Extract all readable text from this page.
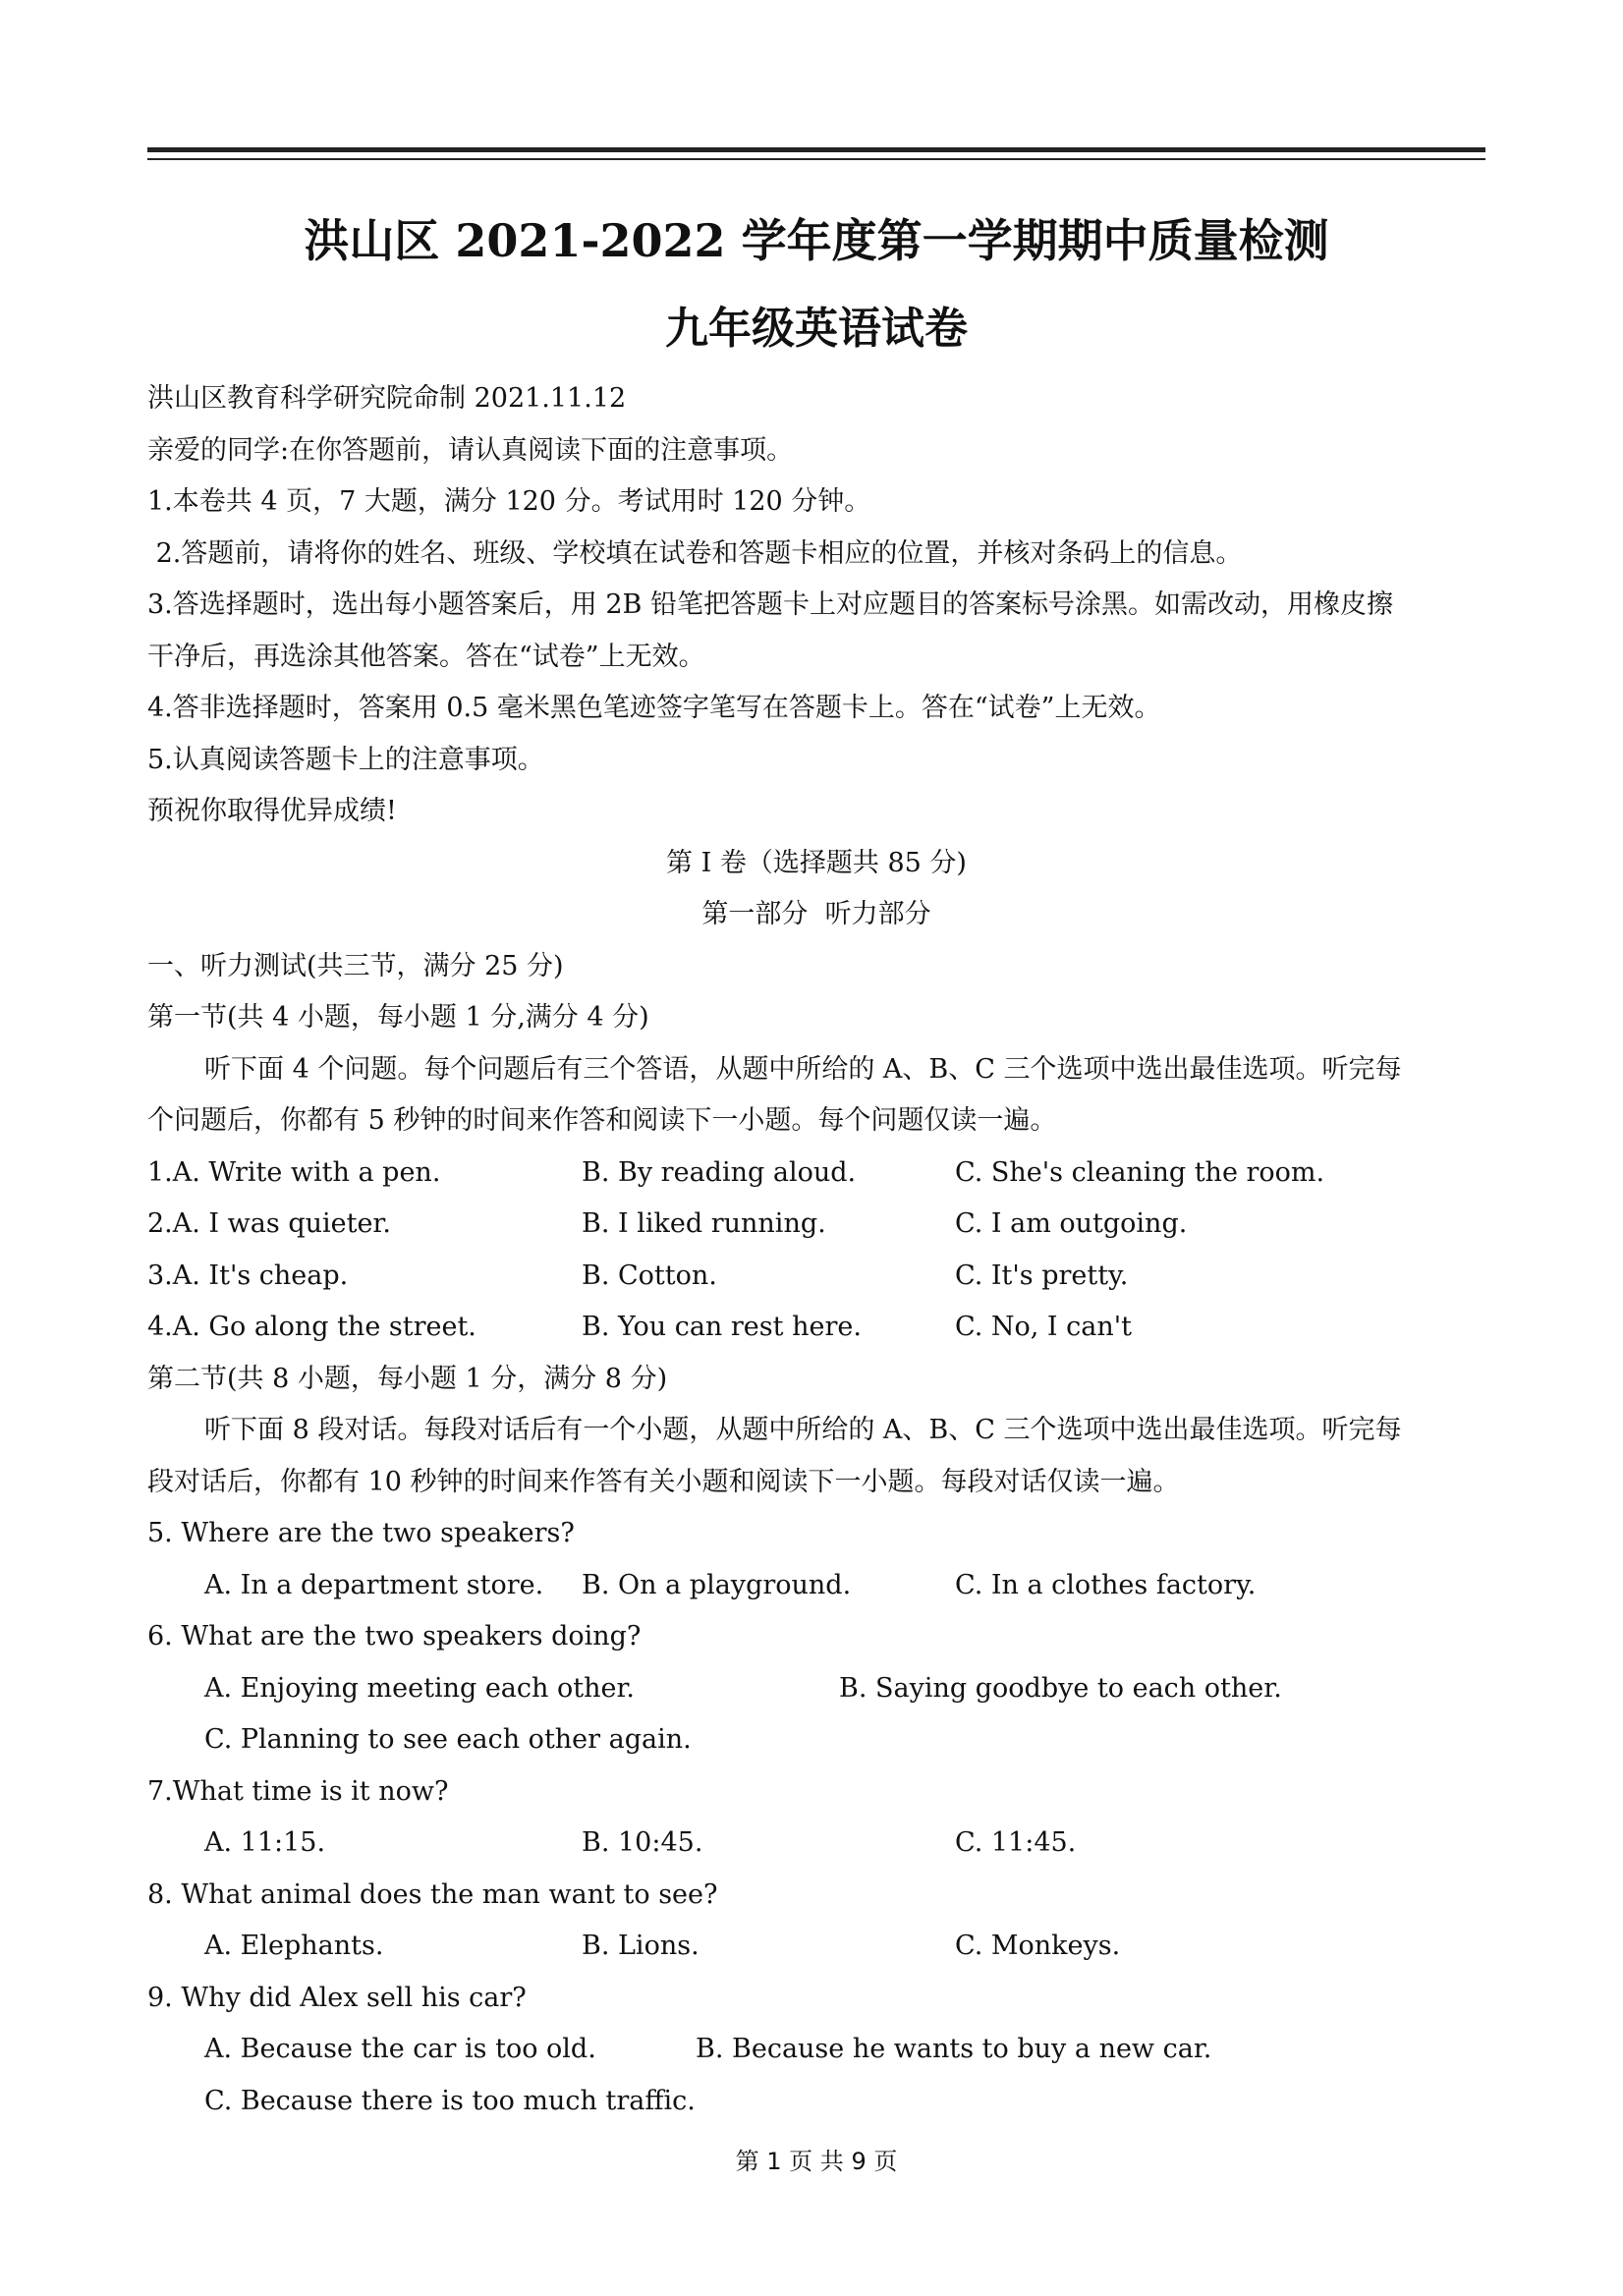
洪山区 2021-2022 学年度第一学期期中质量检测
九年级英语试卷
洪山区教育科学研究院命制 2021.11.12
亲爱的同学:在你答题前，请认真阅读下面的注意事项。
1.本卷共 4 页，7 大题，满分 120 分。考试用时 120 分钟。
2.答题前，请将你的姓名、班级、学校填在试卷和答题卡相应的位置，并核对条码上的信息。
3.答选择题时，选出每小题答案后，用 2B 铅笔把答题卡上对应题目的答案标号涂黑。如需改动，用橡皮擦
干净后，再选涂其他答案。答在“试卷”上无效。
4.答非选择题时，答案用 0.5 毫米黑色笔迹签字笔写在答题卡上。答在“试卷”上无效。
5.认真阅读答题卡上的注意事项。
预祝你取得优异成绩!
第 I 卷（选择题共 85 分)
第一部分  听力部分
一、听力测试(共三节，满分 25 分)
第一节(共 4 小题，每小题 1 分,满分 4 分)
听下面 4 个问题。每个问题后有三个答语，从题中所给的 A、B、C 三个选项中选出最佳选项。听完每
个问题后，你都有 5 秒钟的时间来作答和阅读下一小题。每个问题仅读一遍。
1.A. Write with a pen.	B. By reading aloud.	C. She's cleaning the room.
2.A. I was quieter.	B. I liked running.	C. I am outgoing.
3.A. It's cheap.	B. Cotton.	C. It's pretty.
4.A. Go along the street.	B. You can rest here.	C. No, I can't
第二节(共 8 小题，每小题 1 分，满分 8 分)
听下面 8 段对话。每段对话后有一个小题，从题中所给的 A、B、C 三个选项中选出最佳选项。听完每
段对话后，你都有 10 秒钟的时间来作答有关小题和阅读下一小题。每段对话仅读一遍。
5. Where are the two speakers?
A. In a department store.	B. On a playground.	C. In a clothes factory.
6. What are the two speakers doing?
A. Enjoying meeting each other.	B. Saying goodbye to each other.
C. Planning to see each other again.
7.What time is it now?
A. 11:15.	B. 10:45.	C. 11:45.
8. What animal does the man want to see?
A. Elephants.	B. Lions.	C. Monkeys.
9. Why did Alex sell his car?
A. Because the car is too old.	B. Because he wants to buy a new car.
C. Because there is too much traffic.
第 1 页 共 9 页
